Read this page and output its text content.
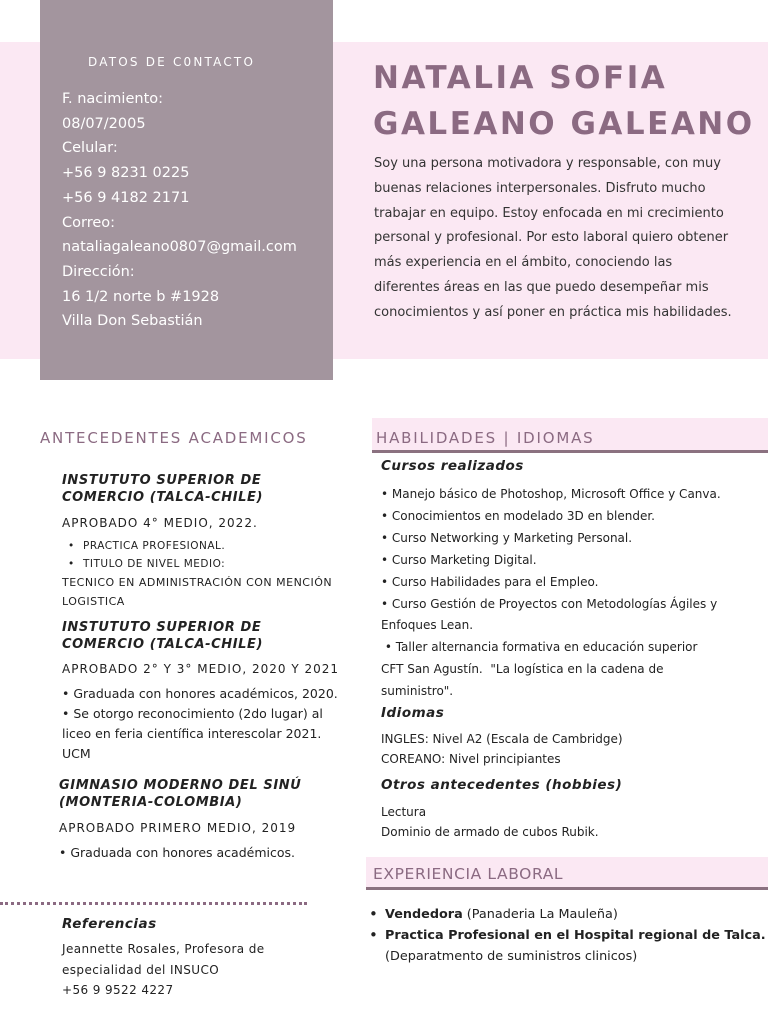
DATOS DE C0NTACTO
F. nacimiento:
08/07/2005
Celular:
+56 9 8231 0225
+56 9 4182 2171
Correo:
nataliagaleano0807@gmail.com
Dirección:
16 1/2 norte b #1928
Villa Don Sebastián
NATALIA SOFIA
GALEANO GALEANO
Soy una persona motivadora y responsable, con muy buenas relaciones interpersonales. Disfruto mucho trabajar en equipo. Estoy enfocada en mi crecimiento personal y profesional. Por esto laboral quiero obtener más experiencia en el ámbito, conociendo las diferentes áreas en las que puedo desempeñar mis conocimientos y así poner en práctica mis habilidades.
ANTECEDENTES ACADEMICOS
INSTUTUTO SUPERIOR DE COMERCIO (TALCA-CHILE)
APROBADO 4° MEDIO, 2022.
• PRACTICA PROFESIONAL.
• TITULO DE NIVEL MEDIO:
TECNICO EN ADMINISTRACIÓN CON MENCIÓN LOGISTICA
INSTUTUTO SUPERIOR DE COMERCIO (TALCA-CHILE)
APROBADO 2° Y 3° MEDIO, 2020 Y 2021
• Graduada con honores académicos, 2020.
• Se otorgo reconocimiento (2do lugar) al
liceo en feria científica interescolar 2021.
UCM
GIMNASIO MODERNO DEL SINÚ (MONTERIA-COLOMBIA)
APROBADO PRIMERO MEDIO, 2019
• Graduada con honores académicos.
Referencias
Jeannette Rosales, Profesora de
especialidad del INSUCO
+56 9 9522 4227
HABILIDADES | IDIOMAS
Cursos realizados
• Manejo básico de Photoshop, Microsoft Office y Canva.
• Conocimientos en modelado 3D en blender.
• Curso Networking y Marketing Personal.
• Curso Marketing Digital.
• Curso Habilidades para el Empleo.
• Curso Gestión de Proyectos con Metodologías Ágiles y
Enfoques Lean.
• Taller alternancia formativa en educación superior
CFT San Agustín.  "La logística en la cadena de
suministro".
Idiomas
INGLES: Nivel A2 (Escala de Cambridge)
COREANO: Nivel principiantes
Otros antecedentes (hobbies)
Lectura
Dominio de armado de cubos Rubik.
EXPERIENCIA LABORAL
• Vendedora (Panaderia La Mauleña)
• Practica Profesional en el Hospital regional de Talca.
(Deparatmento de suministros clinicos)
